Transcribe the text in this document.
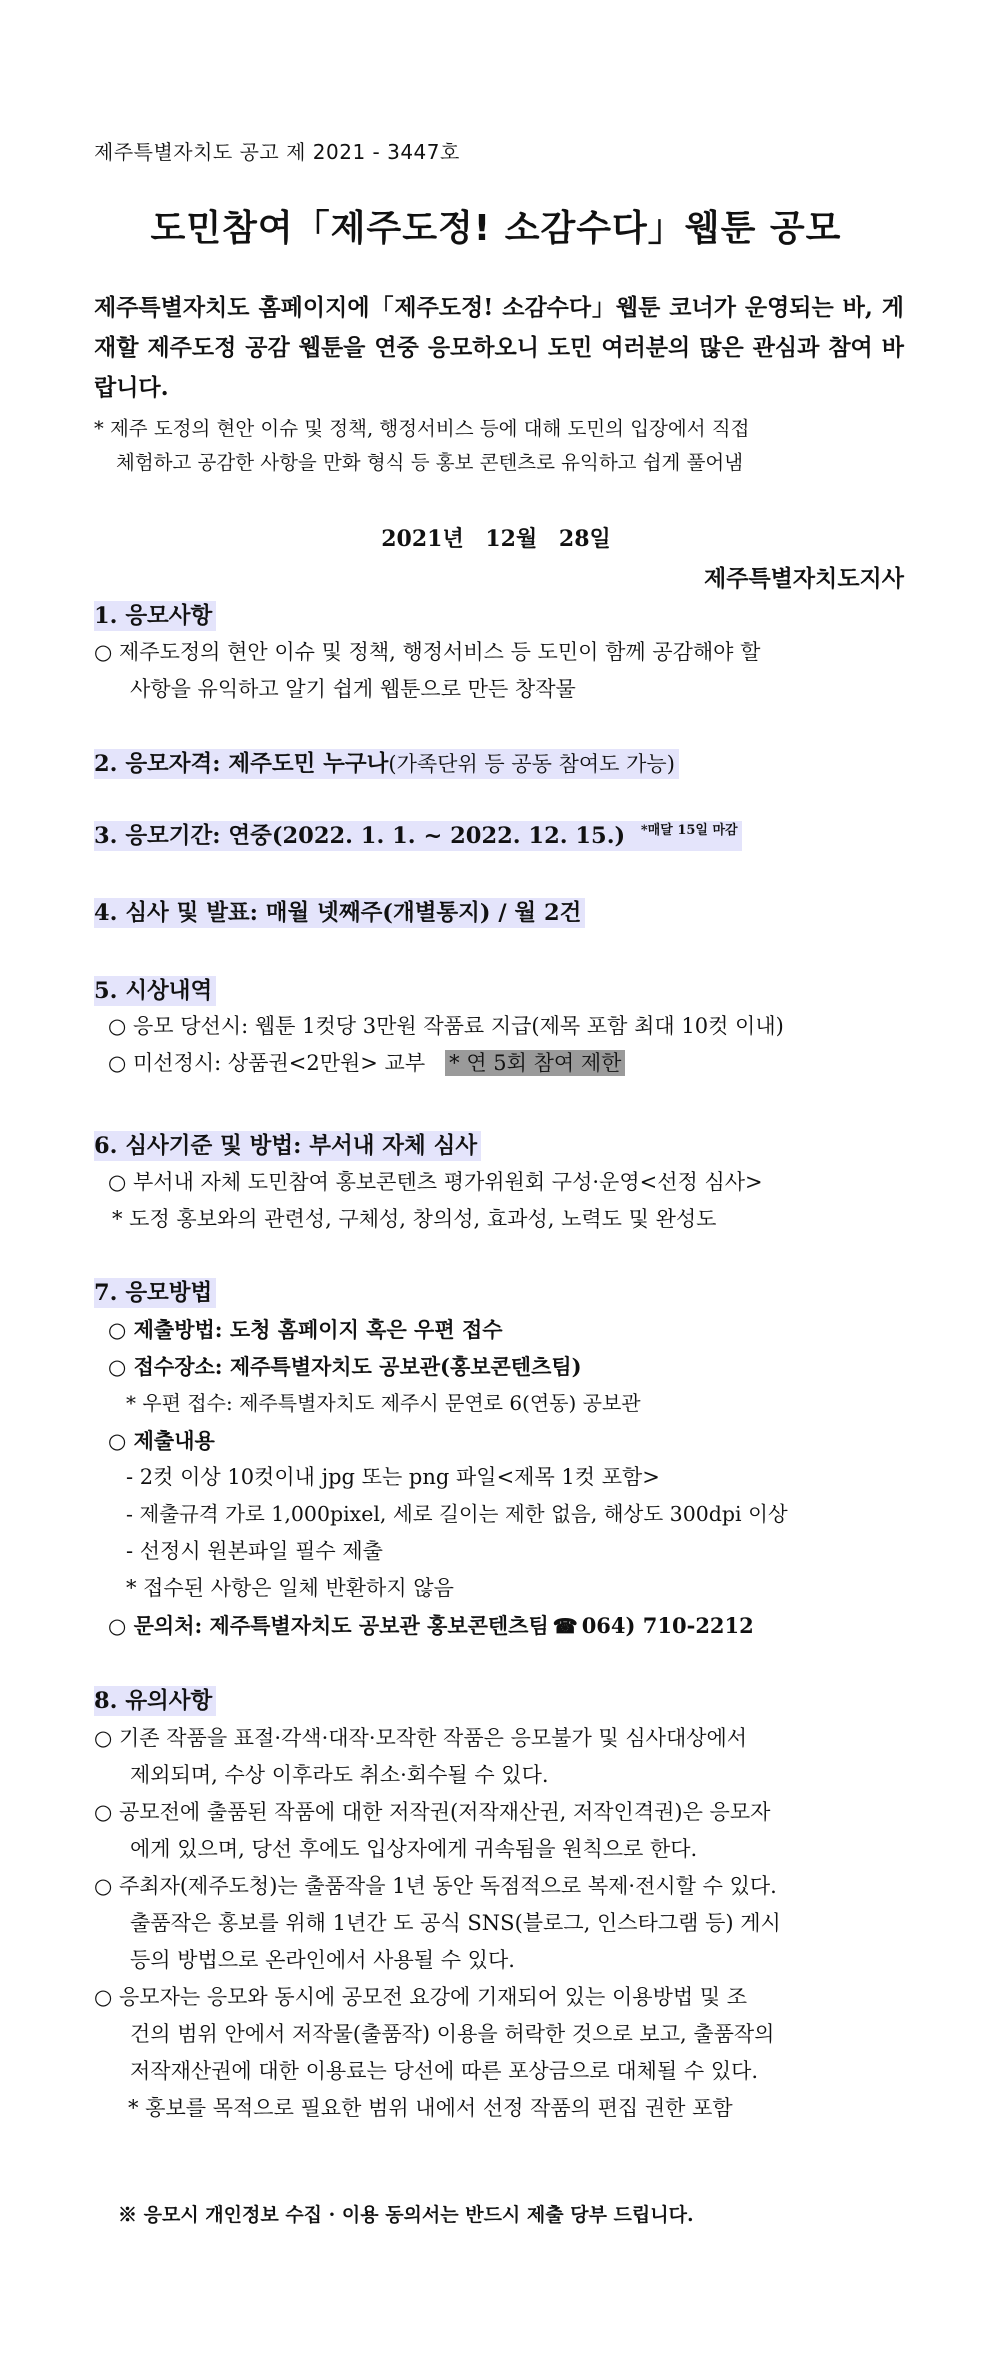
제주특별자치도 공고 제 2021 - 3447호
도민참여「제주도정! 소감수다」웹툰 공모
제주특별자치도 홈페이지에「제주도정! 소감수다」웹툰 코너가 운영되는 바, 게재할 제주도정 공감 웹툰을 연중 응모하오니 도민 여러분의 많은 관심과 참여 바랍니다.
* 제주 도정의 현안 이슈 및 정책, 행정서비스 등에 대해 도민의 입장에서 직접
체험하고 공감한 사항을 만화 형식 등 홍보 콘텐츠로 유익하고 쉽게 풀어냄
2021년 12월 28일
제주특별자치도지사
1. 응모사항
○ 제주도정의 현안 이슈 및 정책, 행정서비스 등 도민이 함께 공감해야 할
사항을 유익하고 알기 쉽게 웹툰으로 만든 창작물
2. 응모자격: 제주도민 누구나(가족단위 등 공동 참여도 가능)
3. 응모기간: 연중(2022. 1. 1. ~ 2022. 12. 15.) $^{*매달 15일 마감}$
4. 심사 및 발표: 매월 넷째주(개별통지) / 월 2건
5. 시상내역
○ 응모 당선시: 웹툰 1컷당 3만원 작품료 지급(제목 포함 최대 10컷 이내)
○ 미선정시: 상품권<2만원> 교부 * 연 5회 참여 제한
6. 심사기준 및 방법: 부서내 자체 심사
○ 부서내 자체 도민참여 홍보콘텐츠 평가위원회 구성·운영<선정 심사>
* 도정 홍보와의 관련성, 구체성, 창의성, 효과성, 노력도 및 완성도
7. 응모방법
○ 제출방법: 도청 홈페이지 혹은 우편 접수
○ 접수장소: 제주특별자치도 공보관(홍보콘텐츠팀)
* 우편 접수: 제주특별자치도 제주시 문연로 6(연동) 공보관
○ 제출내용
- 2컷 이상 10컷이내 jpg 또는 png 파일<제목 1컷 포함>
- 제출규격 가로 1,000pixel, 세로 길이는 제한 없음, 해상도 300dpi 이상
- 선정시 원본파일 필수 제출
* 접수된 사항은 일체 반환하지 않음
○ 문의처: 제주특별자치도 공보관 홍보콘텐츠팀 ☎ 064) 710-2212
8. 유의사항
○ 기존 작품을 표절·각색·대작·모작한 작품은 응모불가 및 심사대상에서
제외되며, 수상 이후라도 취소·회수될 수 있다.
○ 공모전에 출품된 작품에 대한 저작권(저작재산권, 저작인격권)은 응모자
에게 있으며, 당선 후에도 입상자에게 귀속됨을 원칙으로 한다.
○ 주최자(제주도청)는 출품작을 1년 동안 독점적으로 복제·전시할 수 있다.
출품작은 홍보를 위해 1년간 도 공식 SNS(블로그, 인스타그램 등) 게시
등의 방법으로 온라인에서 사용될 수 있다.
○ 응모자는 응모와 동시에 공모전 요강에 기재되어 있는 이용방법 및 조
건의 범위 안에서 저작물(출품작) 이용을 허락한 것으로 보고, 출품작의
저작재산권에 대한 이용료는 당선에 따른 포상금으로 대체될 수 있다.
* 홍보를 목적으로 필요한 범위 내에서 선정 작품의 편집 권한 포함
※ 응모시 개인정보 수집 · 이용 동의서는 반드시 제출 당부 드립니다.
